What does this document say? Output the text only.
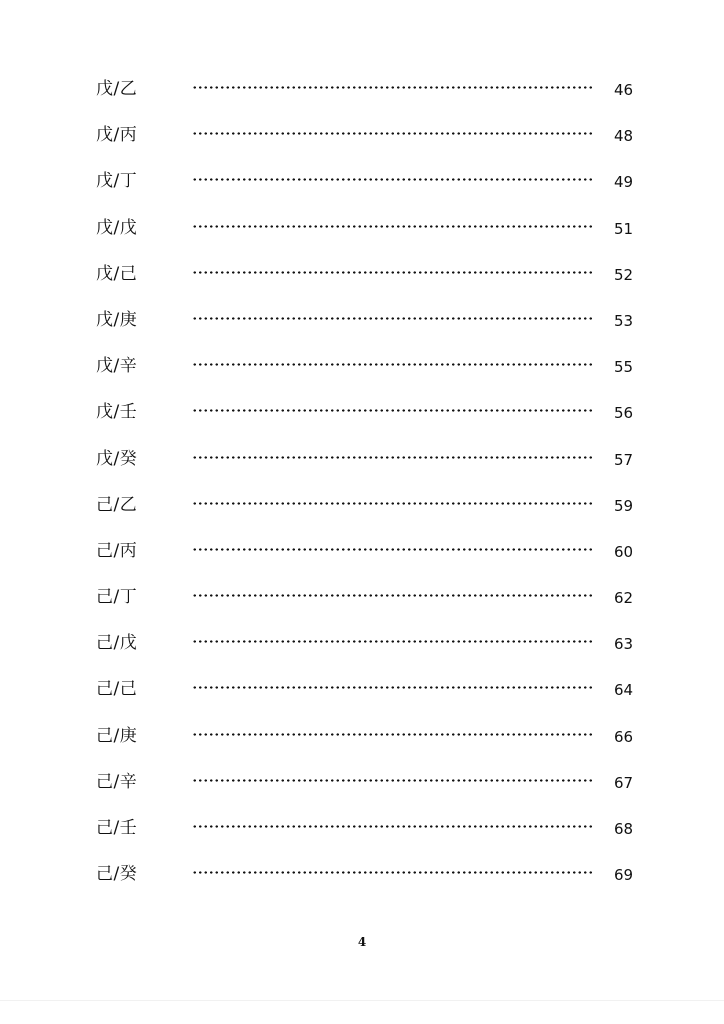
戊/乙	46
戊/丙	48
戊/丁	49
戊/戊	51
戊/己	52
戊/庚	53
戊/辛	55
戊/壬	56
戊/癸	57
己/乙	59
己/丙	60
己/丁	62
己/戊	63
己/己	64
己/庚	66
己/辛	67
己/壬	68
己/癸	69
4
